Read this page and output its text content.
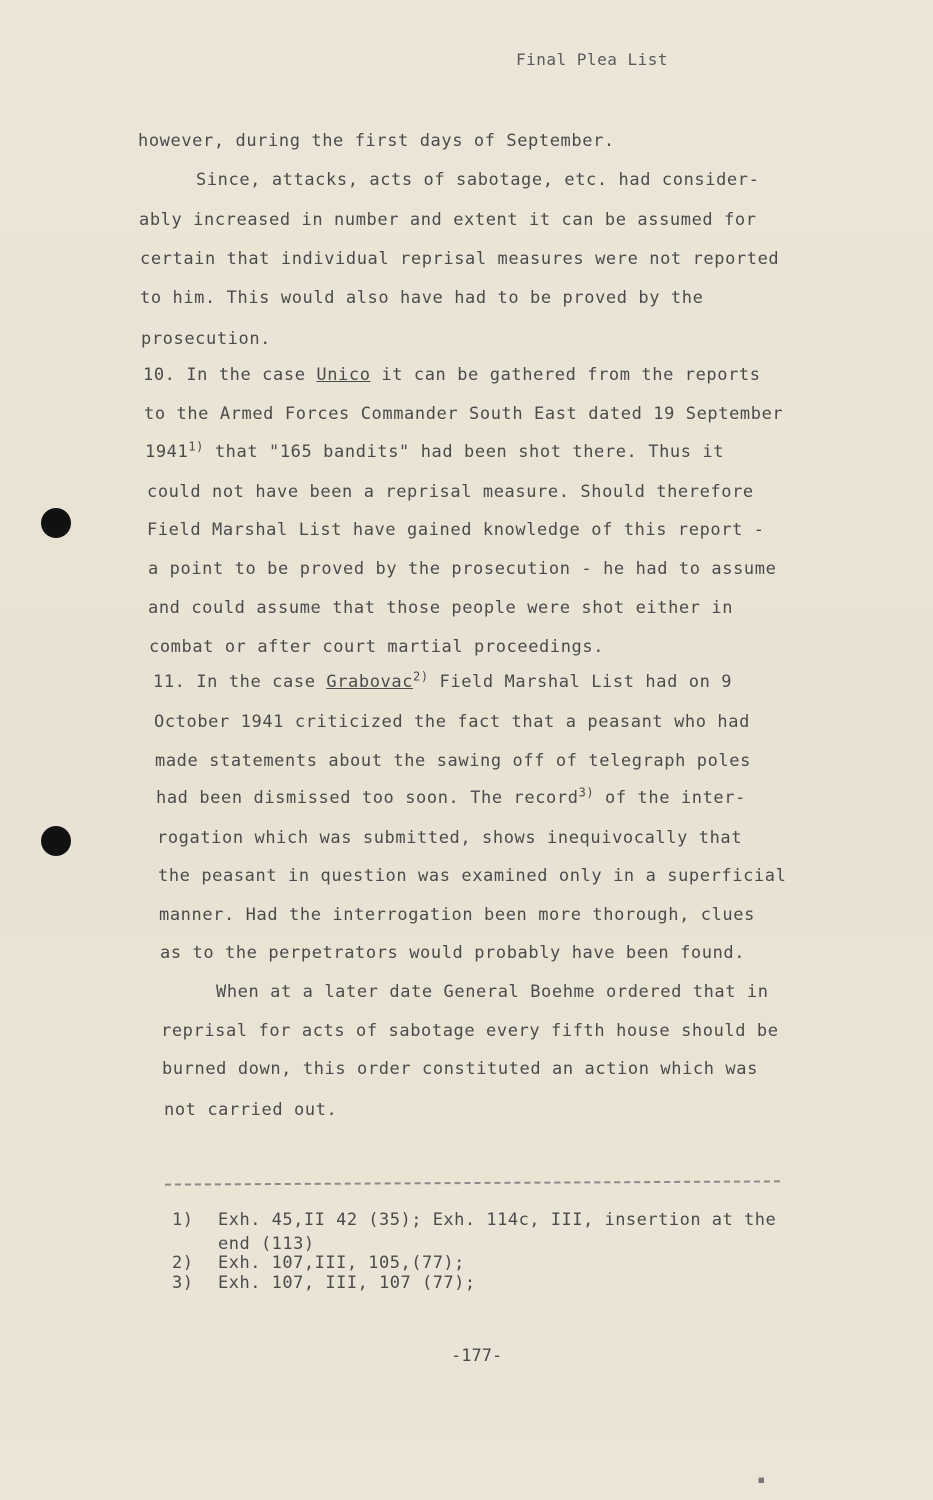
Final Plea List
however, during the first days of September.
Since, attacks, acts of sabotage, etc. had consider-
ably increased in number and extent it can be assumed for
certain that individual reprisal measures were not reported
to him. This would also have had to be proved by the
prosecution.
10. In the case Unico it can be gathered from the reports
to the Armed Forces Commander South East dated 19 September
1941$^{1)}$ that "165 bandits" had been shot there. Thus it
could not have been a reprisal measure. Should therefore
Field Marshal List have gained knowledge of this report -
a point to be proved by the prosecution - he had to assume
and could assume that those people were shot either in
combat or after court martial proceedings.
11. In the case Grabovac$^{2)}$ Field Marshal List had on 9
October 1941 criticized the fact that a peasant who had
made statements about the sawing off of telegraph poles
had been dismissed too soon. The record$^{3)}$ of the inter-
rogation which was submitted, shows inequivocally that
the peasant in question was examined only in a superficial
manner. Had the interrogation been more thorough, clues
as to the perpetrators would probably have been found.
When at a later date General Boehme ordered that in
reprisal for acts of sabotage every fifth house should be
burned down, this order constituted an action which was
not carried out.
1) Exh. 45,II 42 (35); Exh. 114c, III, insertion at the
end (113)
2) Exh. 107,III, 105,(77);
3) Exh. 107, III, 107 (77);
-177-
▪
